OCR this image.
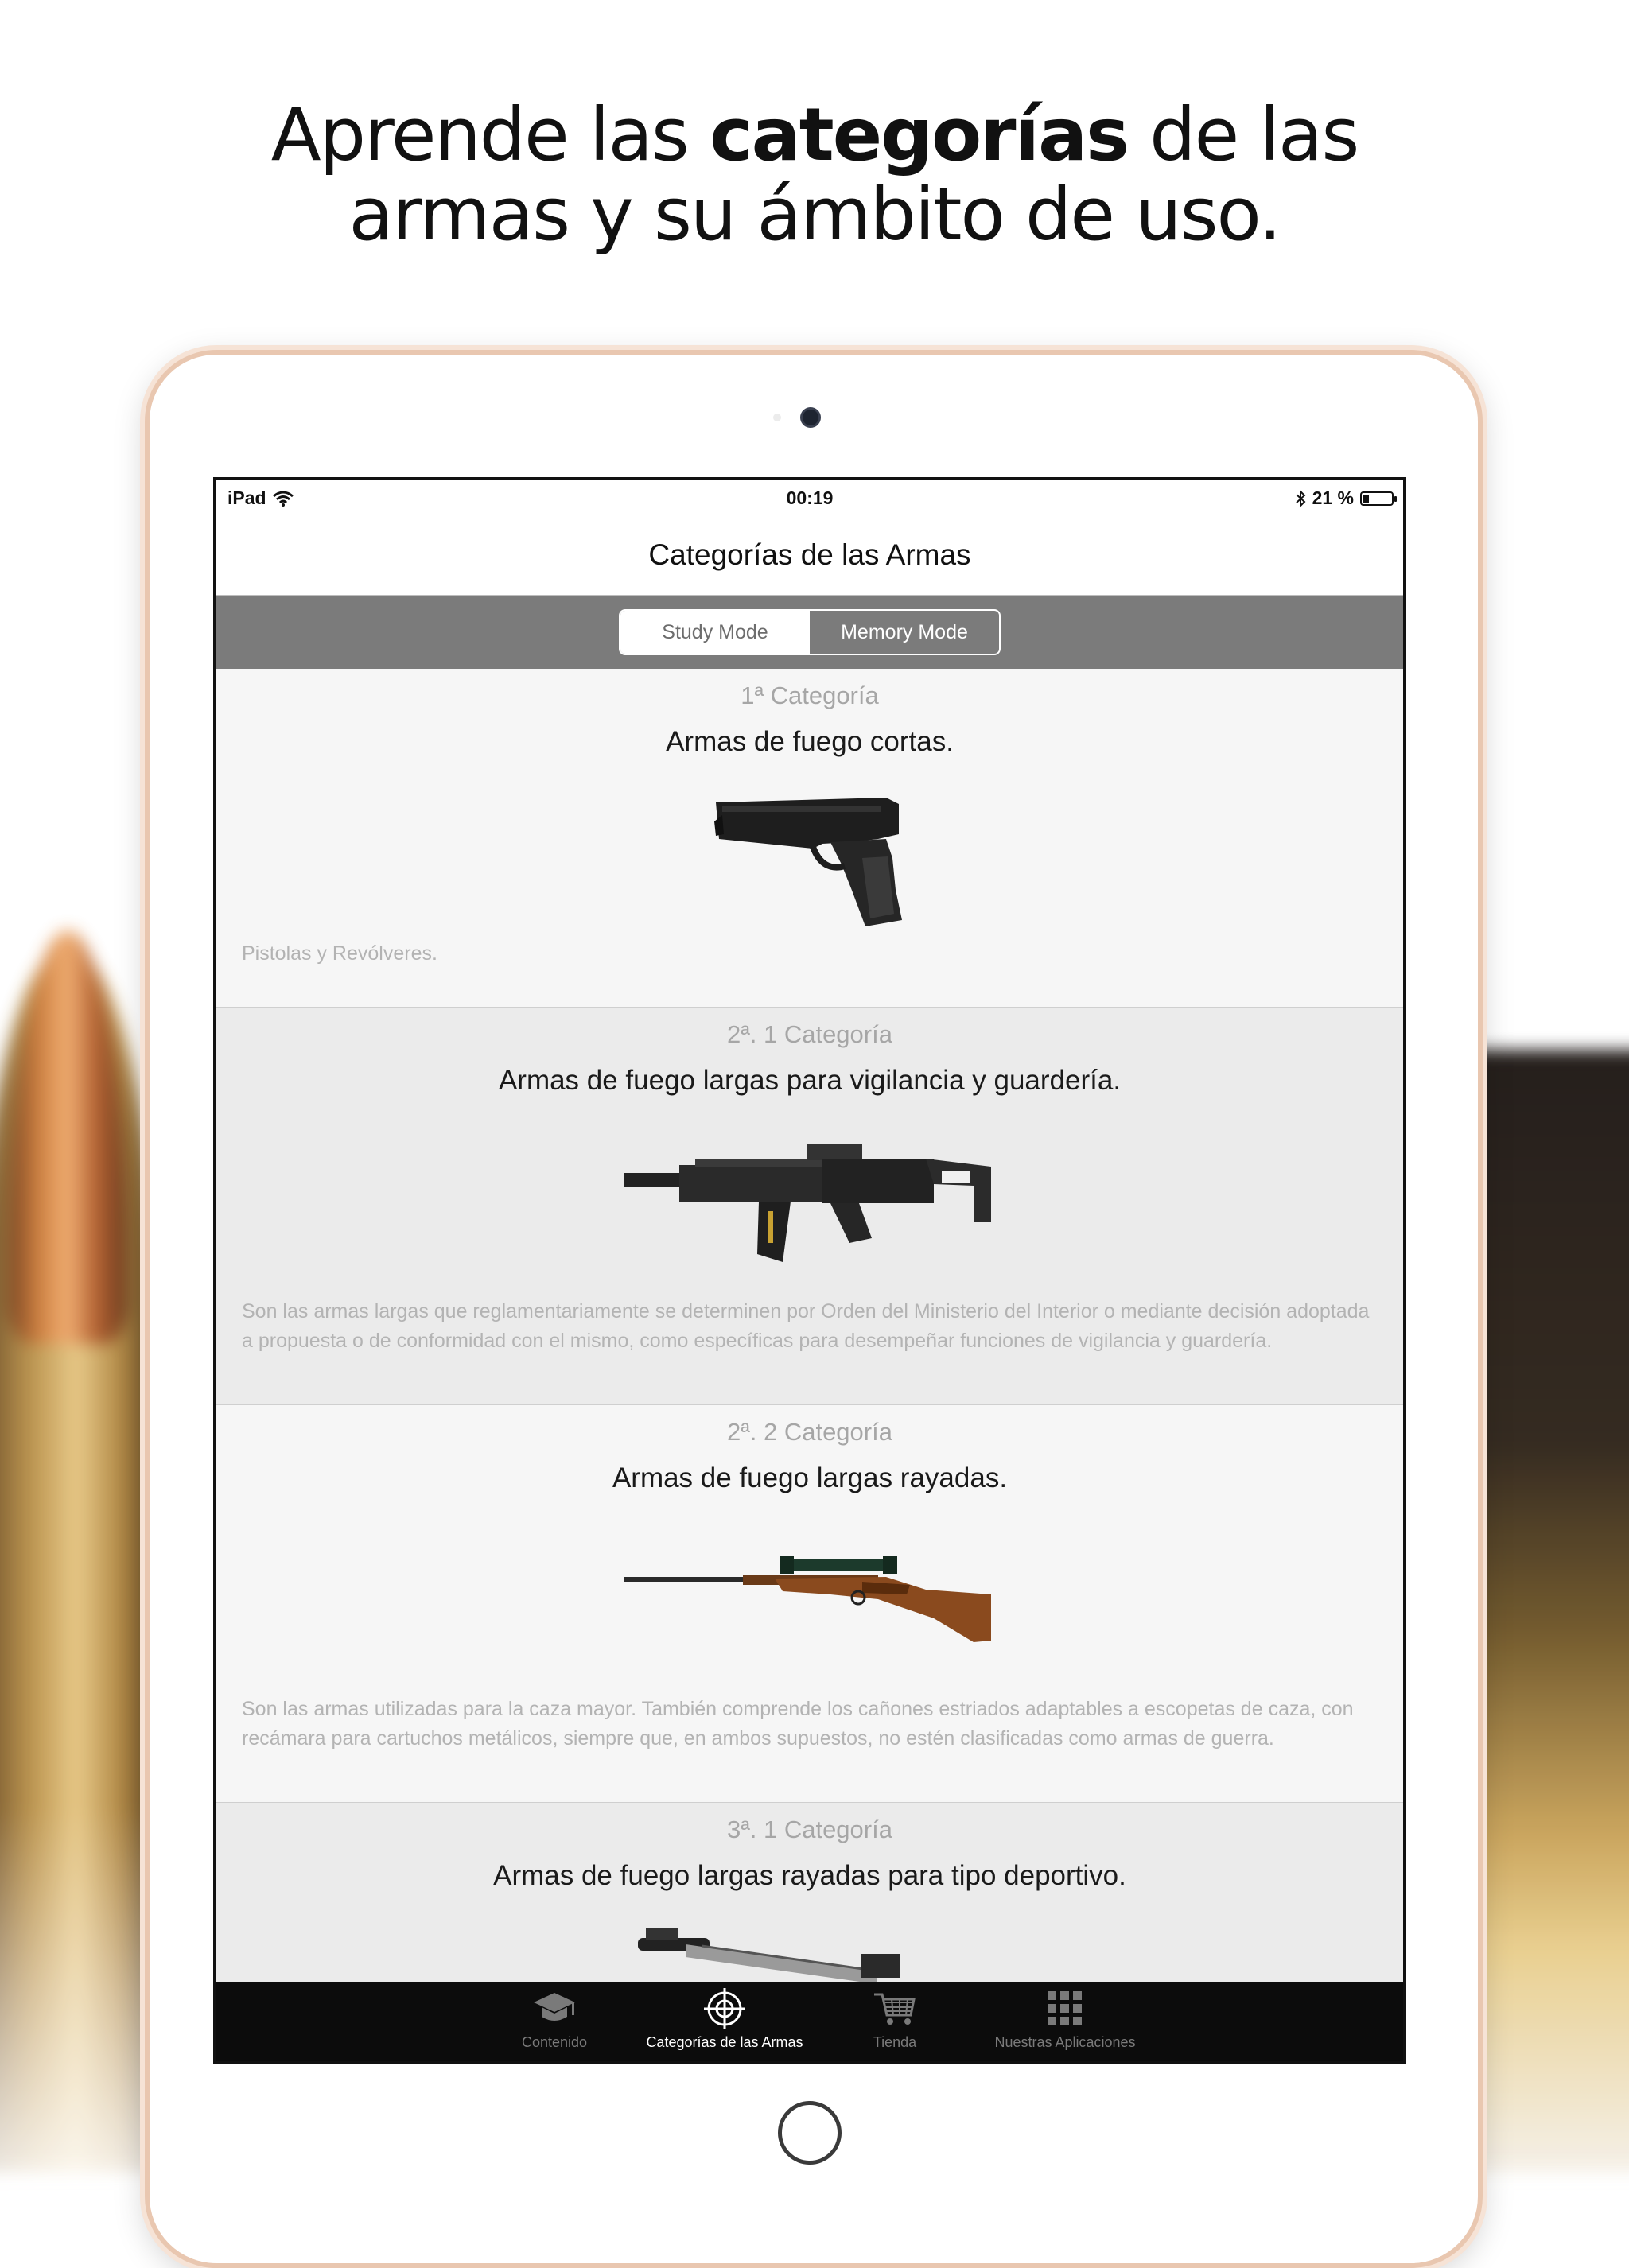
Aprende las categorías de las
armas y su ámbito de uso.
iPad	00:19	21 %
Categorías de las Armas
Study Mode	Memory Mode
1ª Categoría
Armas de fuego cortas.
Pistolas y Revólveres.
2ª. 1 Categoría
Armas de fuego largas para vigilancia y guardería.
Son las armas largas que reglamentariamente se determinen por Orden del Ministerio del Interior o mediante decisión adoptada a propuesta o de conformidad con el mismo, como específicas para desempeñar funciones de vigilancia y guardería.
2ª. 2 Categoría
Armas de fuego largas rayadas.
Son las armas utilizadas para la caza mayor. También comprende los cañones estriados adaptables a escopetas de caza, con recámara para cartuchos metálicos, siempre que, en ambos supuestos, no estén clasificadas como armas de guerra.
3ª. 1 Categoría
Armas de fuego largas rayadas para tipo deportivo.
Contenido	Categorías de las Armas	Tienda	Nuestras Aplicaciones
